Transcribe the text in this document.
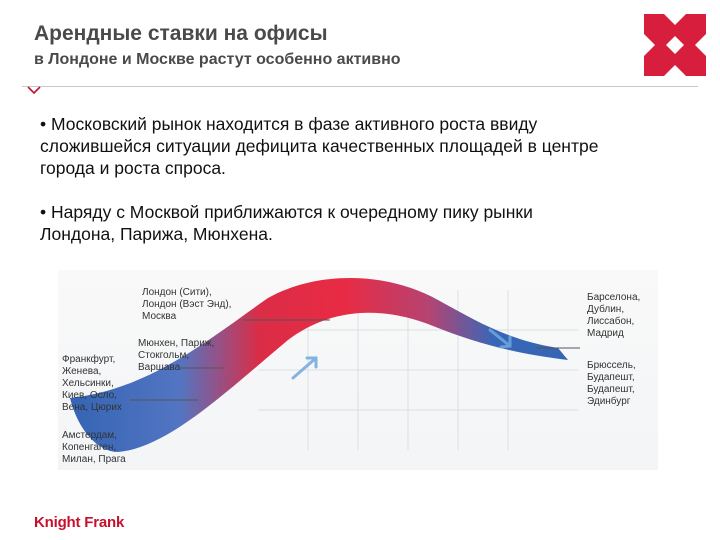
Арендные ставки на офисы
в Лондоне и Москве растут особенно активно
• Московский рынок находится в фазе активного роста ввиду
сложившейся ситуации дефицита качественных площадей в центре
города и роста спроса.
• Наряду с Москвой приближаются к очередному пику рынки
Лондона, Парижа, Мюнхена.
Лондон (Сити),
Лондон (Вэст Энд),
Москва
Мюнхен, Париж,
Стокгольм,
Варшава
Франкфурт,
Женева,
Хельсинки,
Киев, Осло,
Вена, Цюрих
Амстердам,
Копенгаген,
Милан, Прага
Барселона,
Дублин,
Лиссабон,
Мадрид
Брюссель,
Будапешт,
Будапешт,
Эдинбург
Knight Frank
